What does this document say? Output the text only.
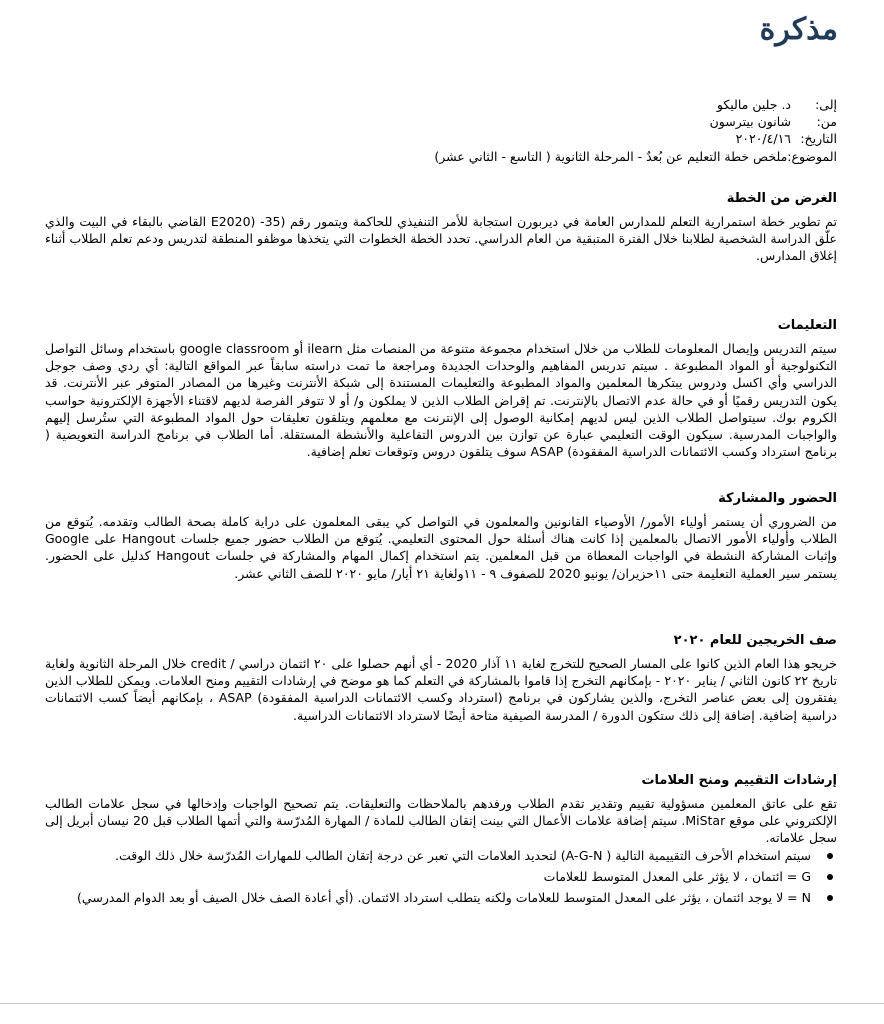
مذكرة
إلى:
د. جلين ماليكو
من:
شانون بيترسون
التاريخ:
٢٠٢٠/٤/١٦
الموضوع:
ملخص خطة التعليم عن بُعدٌ - المرحلة الثانوية ( التاسع - الثاني عشر)
الغرض من الخطة

تم تطوير خطة استمرارية التعلم للمدارس العامة في ديربورن استجابة للأمر التنفيذي للحاكمة ويتمور رقم (35- (E2020 القاضي بالبقاء في البيت والذي علّق الدراسة الشخصية لطلابنا خلال الفترة المتبقية من العام الدراسي. تحدد الخطة الخطوات التي يتخذها موظفو المنطقة لتدريس ودعم تعلم الطلاب أثناء إغلاق المدارس.

التعليمات

سيتم التدريس وإيصال المعلومات للطلاب من خلال استخدام مجموعة متنوعة من المنصات مثل ilearn أو google classroom باستخدام وسائل التواصل التكنولوجية أو المواد المطبوعة . سيتم تدريس المفاهيم والوحدات الجديدة ومراجعة ما تمت دراسته سابقاً عبر المواقع التالية: أي ردي وصف جوجل الدراسي وأي اكسل ودروس يبتكرها المعلمين والمواد المطبوعة والتعليمات المستندة إلى شبكة الأنترنت وغيرها من المصادر المتوفر عبر الأنترنت. قد يكون التدريس رقميًا أو في حالة عدم الاتصال بالإنترنت. تم إقراض الطلاب الذين لا يملكون و/ أو لا تتوفر الفرصة لديهم لاقتناء الأجهزة الإلكترونية حواسب الكروم بوك. سيتواصل الطلاب الذين ليس لديهم إمكانية الوصول إلى الإنترنت مع معلمهم ويتلقون تعليقات حول المواد المطبوعة التي ستُرسل إليهم والواجبات المدرسية. سيكون الوقت التعليمي عبارة عن توازن بين الدروس التفاعلية والأنشطة المستقلة. أما الطلاب في برنامج الدراسة التعويضية ( برنامج استرداد وكسب الائتمانات الدراسية المفقودة) ASAP سوف يتلقون دروس وتوقعات تعلم إضافية.

الحضور والمشاركة

من الضروري أن يستمر أولياء الأمور/ الأوصياء القانونين والمعلمون في التواصل كي يبقى المعلمون على دراية كاملة بصحة الطالب وتقدمه. يُتوقع من الطلاب وأولياء الأمور الاتصال بالمعلمين إذا كانت هناك أسئلة حول المحتوى التعليمي. يُتوقع من الطلاب حضور جميع جلسات Hangout على Google وإثبات المشاركة النشطة في الواجبات المعطاة من قبل المعلمين. يتم استخدام إكمال المهام والمشاركة في جلسات Hangout كدليل على الحضور. يستمر سير العملية التعليمة حتى ١١حزيران/ يونيو 2020 للصفوف ٩ - ١١ولغاية ٢١ أيار/ مايو ٢٠٢٠ للصف الثاني عشر.

صف الخريجين للعام ٢٠٢٠

خريجو هذا العام الذين كانوا على المسار الصحيح للتخرج لغاية ١١ آذار 2020 - أي أنهم حصلوا على ٢٠ ائتمان دراسي / credit خلال المرحلة الثانوية ولغاية تاريخ ٢٢ كانون الثاني / يناير ٢٠٢٠ - بإمكانهم التخرج إذا قاموا بالمشاركة في التعلم كما هو موضح في إرشادات التقييم ومنح العلامات. ويمكن للطلاب الذين يفتقرون إلى بعض عناصر التخرج، والذين يشاركون في برنامج (استرداد وكسب الائتمانات الدراسية المفقودة) ASAP ، بإمكانهم أيضاً كسب الائتمانات دراسية إضافية. إضافة إلى ذلك ستكون الدورة / المدرسة الصيفية متاحة أيضًا لاسترداد الائتمانات الدراسية.

إرشادات التقييم ومنح العلامات

تقع على عاتق المعلمين مسؤولية تقييم وتقدير تقدم الطلاب ورفدهم بالملاحظات والتعليقات. يتم تصحيح الواجبات وإدخالها في سجل علامات الطالب الإلكتروني على موقع MiStar. سيتم إضافة علامات الأعمال التي بينت إتقان الطالب للمادة / المهارة المُدرّسة والتي أتمها الطلاب قبل 20 نيسان أبريل إلى سجل علاماته.

سيتم استخدام الأحرف التقييمية التالية ( A-G-N) لتحديد العلامات التي تعبر عن درجة إتقان الطالب للمهارات المُدرّسة خلال ذلك الوقت.
G = ائتمان ، لا يؤثر على المعدل المتوسط للعلامات
N = لا يوجد ائتمان ، يؤثر على المعدل المتوسط للعلامات ولكنه يتطلب استرداد الائتمان. (أي أعادة الصف خلال الصيف أو بعد الدوام المدرسي)
